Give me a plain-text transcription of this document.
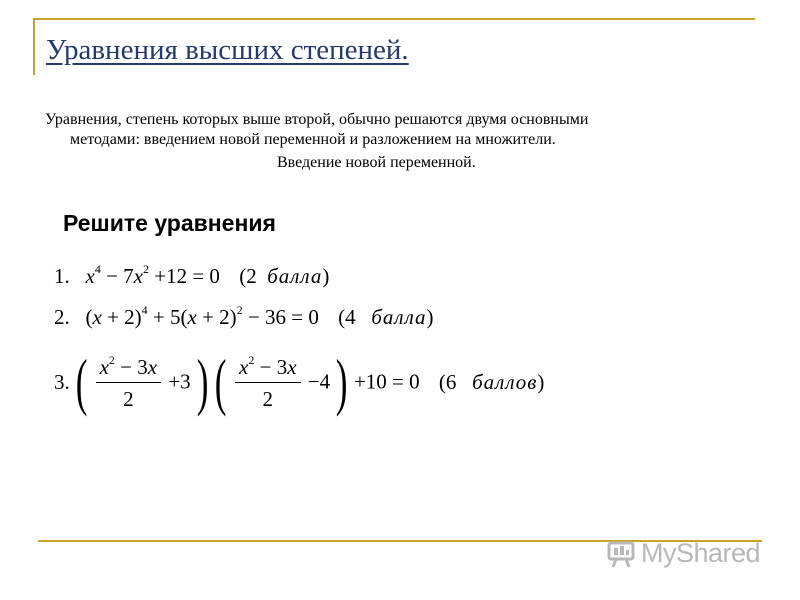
Уравнения высших степеней.
Уравнения, степень которых выше второй, обычно решаются двумя основными
методами: введением новой переменной и разложением на множители.
Введение новой переменной.
Решите уравнения
1. $x^4 - 7x^2 +12 = 0$ (2 балла)
2. $(x + 2)^4 + 5(x + 2)^2 - 36 = 0$ (4 балла)
3. ( $\frac{x^2 - 3x}{2} +3$ ) ( $\frac{x^2 - 3x}{2} -4$ ) +10 = 0 (6 баллов)
MyShared
